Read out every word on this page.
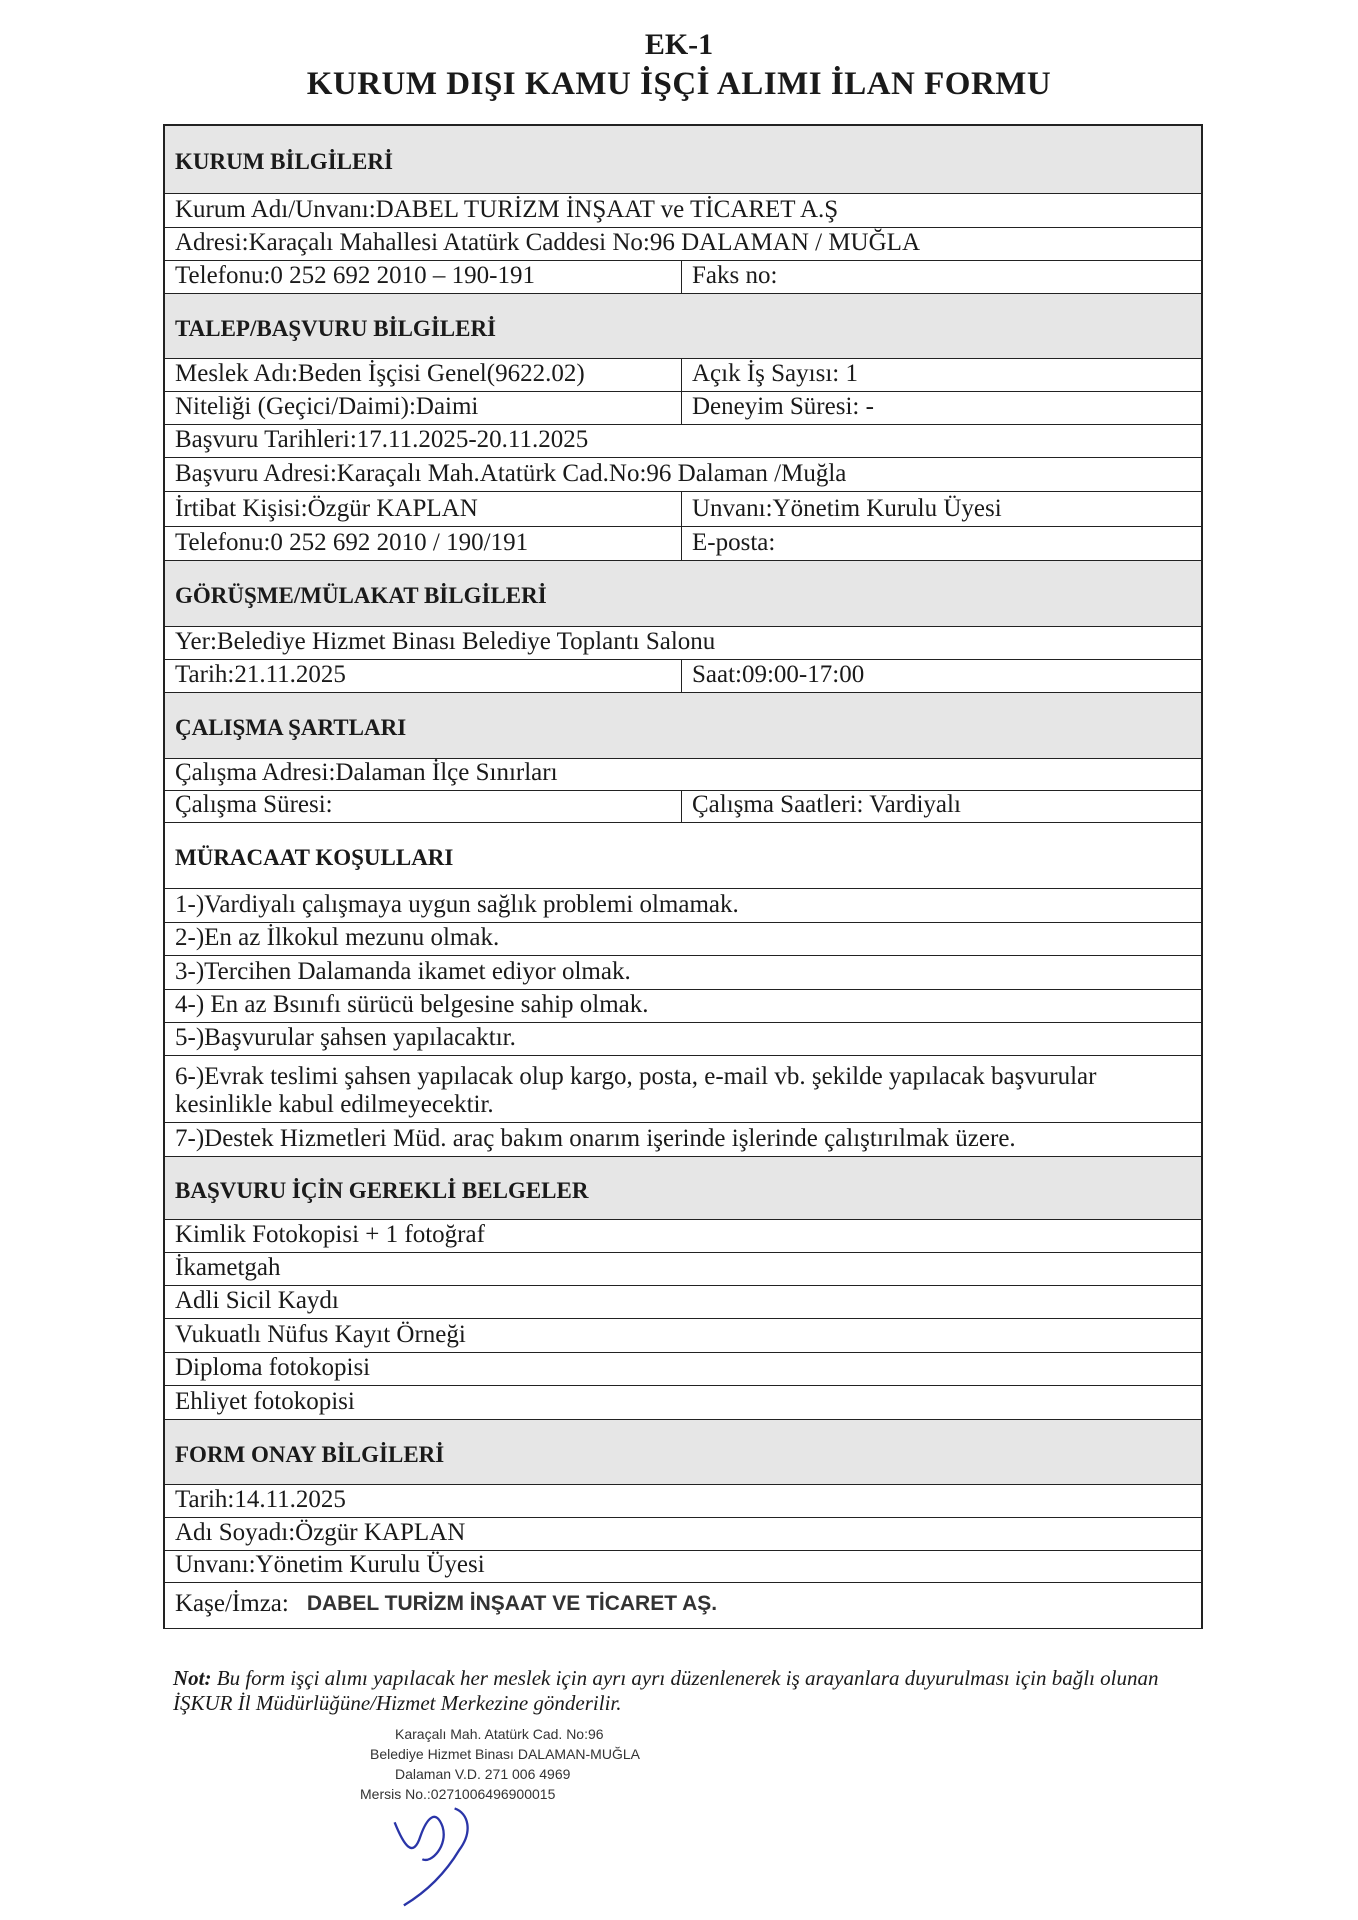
EK-1
KURUM DIŞI KAMU İŞÇİ ALIMI İLAN FORMU
KURUM BİLGİLERİ
Kurum Adı/Unvanı:DABEL TURİZM İNŞAAT ve TİCARET A.Ş
Adresi:Karaçalı Mahallesi Atatürk Caddesi No:96 DALAMAN / MUĞLA
Telefonu:0 252 692 2010 – 190-191	Faks no:
TALEP/BAŞVURU BİLGİLERİ
Meslek Adı:Beden İşçisi Genel(9622.02)	Açık İş Sayısı: 1
Niteliği (Geçici/Daimi):Daimi	Deneyim Süresi: -
Başvuru Tarihleri:17.11.2025-20.11.2025
Başvuru Adresi:Karaçalı Mah.Atatürk Cad.No:96 Dalaman /Muğla
İrtibat Kişisi:Özgür KAPLAN	Unvanı:Yönetim Kurulu Üyesi
Telefonu:0 252 692 2010 / 190/191	E-posta:
GÖRÜŞME/MÜLAKAT BİLGİLERİ
Yer:Belediye Hizmet Binası Belediye Toplantı Salonu
Tarih:21.11.2025	Saat:09:00-17:00
ÇALIŞMA ŞARTLARI
Çalışma Adresi:Dalaman İlçe Sınırları
Çalışma Süresi:	Çalışma Saatleri: Vardiyalı
MÜRACAAT KOŞULLARI
1-)Vardiyalı çalışmaya uygun sağlık problemi olmamak.
2-)En az İlkokul mezunu olmak.
3-)Tercihen Dalamanda ikamet ediyor olmak.
4-) En az Bsınıfı sürücü belgesine sahip olmak.
5-)Başvurular şahsen yapılacaktır.
6-)Evrak teslimi şahsen yapılacak olup kargo, posta, e-mail vb. şekilde yapılacak başvurular kesinlikle kabul edilmeyecektir.
7-)Destek Hizmetleri Müd. araç bakım onarım işerinde işlerinde çalıştırılmak üzere.
BAŞVURU İÇİN GEREKLİ BELGELER
Kimlik Fotokopisi + 1 fotoğraf
İkametgah
Adli Sicil Kaydı
Vukuatlı Nüfus Kayıt Örneği
Diploma fotokopisi
Ehliyet fotokopisi
FORM ONAY BİLGİLERİ
Tarih:14.11.2025
Adı Soyadı:Özgür KAPLAN
Unvanı:Yönetim Kurulu Üyesi
Kaşe/İmza: DABEL TURİZM İNŞAAT VE TİCARET AŞ.
Not: Bu form işçi alımı yapılacak her meslek için ayrı ayrı düzenlenerek iş arayanlara duyurulması için bağlı olunan İŞKUR İl Müdürlüğüne/Hizmet Merkezine gönderilir.
Karaçalı Mah. Atatürk Cad. No:96
Belediye Hizmet Binası DALAMAN-MUĞLA
Dalaman V.D. 271 006 4969
Mersis No.:0271006496900015
